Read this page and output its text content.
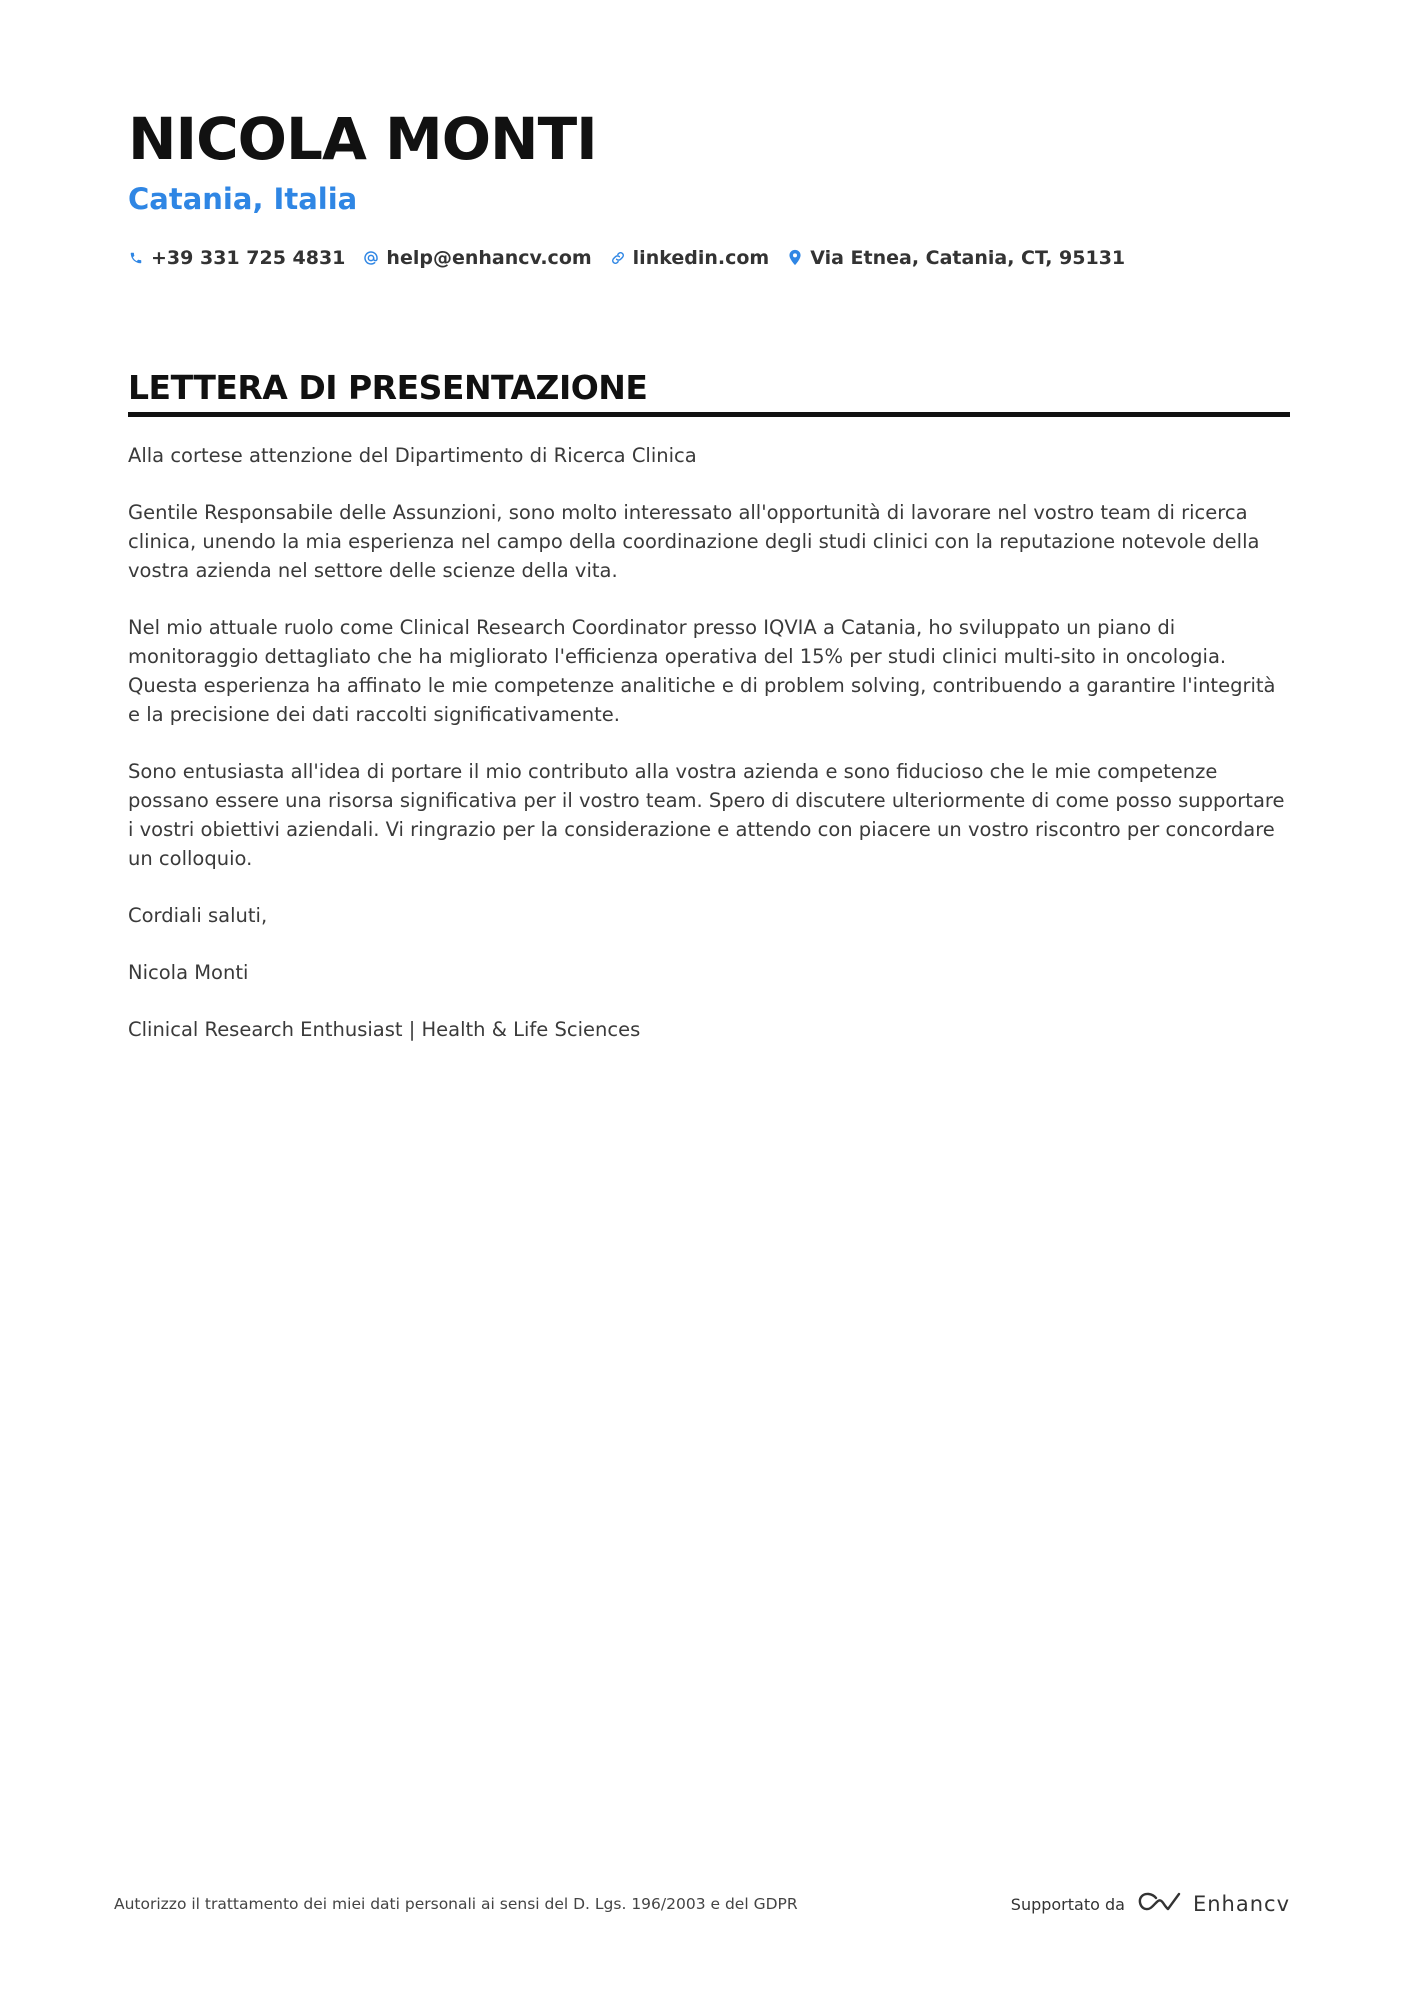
NICOLA MONTI
Catania, Italia
+39 331 725 4831 help@enhancv.com linkedin.com Via Etnea, Catania, CT, 95131
LETTERA DI PRESENTAZIONE

Alla cortese attenzione del Dipartimento di Ricerca Clinica

Gentile Responsabile delle Assunzioni, sono molto interessato all'opportunità di lavorare nel vostro team di ricerca clinica, unendo la mia esperienza nel campo della coordinazione degli studi clinici con la reputazione notevole della vostra azienda nel settore delle scienze della vita.

Nel mio attuale ruolo come Clinical Research Coordinator presso IQVIA a Catania, ho sviluppato un piano di monitoraggio dettagliato che ha migliorato l'efficienza operativa del 15% per studi clinici multi-sito in oncologia. Questa esperienza ha affinato le mie competenze analitiche e di problem solving, contribuendo a garantire l'integrità e la precisione dei dati raccolti significativamente.

Sono entusiasta all'idea di portare il mio contributo alla vostra azienda e sono fiducioso che le mie competenze possano essere una risorsa significativa per il vostro team. Spero di discutere ulteriormente di come posso supportare i vostri obiettivi aziendali. Vi ringrazio per la considerazione e attendo con piacere un vostro riscontro per concordare un colloquio.

Cordiali saluti,

Nicola Monti

Clinical Research Enthusiast | Health & Life Sciences

Autorizzo il trattamento dei miei dati personali ai sensi del D. Lgs. 196/2003 e del GDPR	Supportato da	Enhancv
